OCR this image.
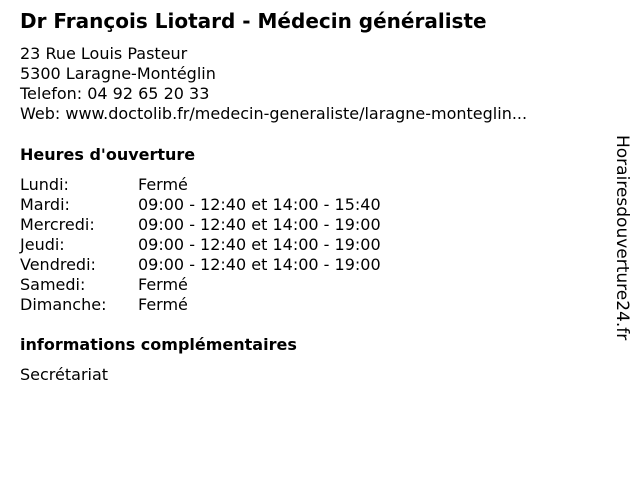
Dr François Liotard - Médecin généraliste
23 Rue Louis Pasteur
5300 Laragne-Montéglin
Telefon: 04 92 65 20 33
Web: www.doctolib.fr/medecin-generaliste/laragne-monteglin...
Heures d'ouverture
Lundi:	Fermé
Mardi:	09:00 - 12:40 et 14:00 - 15:40
Mercredi:	09:00 - 12:40 et 14:00 - 19:00
Jeudi:	09:00 - 12:40 et 14:00 - 19:00
Vendredi:	09:00 - 12:40 et 14:00 - 19:00
Samedi:	Fermé
Dimanche: Fermé
informations complémentaires
Secrétariat
Horairesdouverture24.fr
